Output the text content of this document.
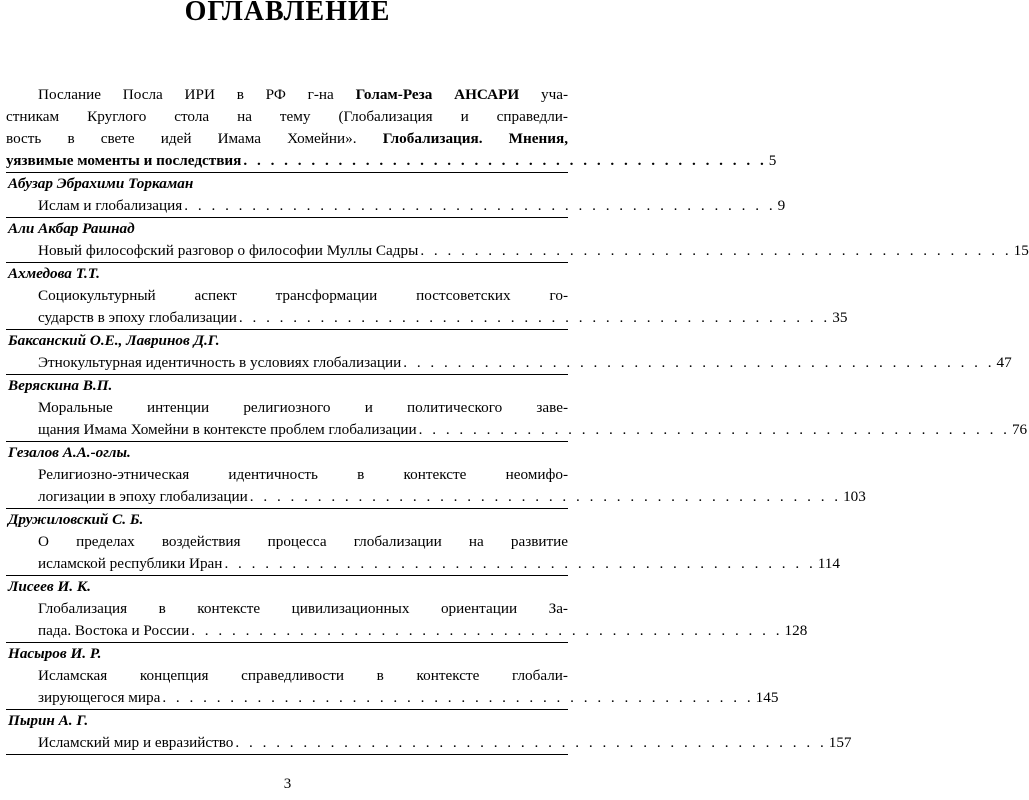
ОГЛАВЛЕНИЕ
Послание Посла ИРИ в РФ г-на Голам-Реза АНСАРИ уча-
стникам Круглого стола на тему (Глобализация и справедли-
вость в свете идей Имама Хомейни». Глобализация. Мнения,
уязвимые моменты и последствия . . . . . . . . . . . . . . . . . . . . . . . . . . . . . . . . . . . . . . . 5
Абузар Эбрахими Торкаман
Ислам и глобализация . . . . . . . . . . . . . . . . . . . . . . . . . . . . . . . . . . . . . . . . . . . . 9
Али Акбар Рашнад
Новый философский разговор о философии Муллы Садры . . . . . . . . . . . . . . . . . . . . . . . . . . . . . . . . . . . . . . . . . . . . 15
Ахмедова Т.Т.
Социокультурный аспект трансформации постсоветских го-
сударств в эпоху глобализации . . . . . . . . . . . . . . . . . . . . . . . . . . . . . . . . . . . . . . . . . . . . 35
Баксанский О.Е., Лавринов Д.Г.
Этнокультурная идентичность в условиях глобализации . . . . . . . . . . . . . . . . . . . . . . . . . . . . . . . . . . . . . . . . . . . . 47
Веряскина В.П.
Моральные интенции религиозного и политического заве-
щания Имама Хомейни в контексте проблем глобализации . . . . . . . . . . . . . . . . . . . . . . . . . . . . . . . . . . . . . . . . . . . . 76
Гезалов А.А.-оглы.
Религиозно-этническая идентичность в контексте неомифо-
логизации в эпоху глобализации . . . . . . . . . . . . . . . . . . . . . . . . . . . . . . . . . . . . . . . . . . . . 103
Дружиловский С. Б.
О пределах воздействия процесса глобализации на развитие
исламской республики Иран . . . . . . . . . . . . . . . . . . . . . . . . . . . . . . . . . . . . . . . . . . . . 114
Лисеев И. К.
Глобализация в контексте цивилизационных ориентации За-
пада. Востока и России . . . . . . . . . . . . . . . . . . . . . . . . . . . . . . . . . . . . . . . . . . . . 128
Насыров И. Р.
Исламская концепция справедливости в контексте глобали-
зирующегося мира . . . . . . . . . . . . . . . . . . . . . . . . . . . . . . . . . . . . . . . . . . . . 145
Пырин А. Г.
Исламский мир и евразийство . . . . . . . . . . . . . . . . . . . . . . . . . . . . . . . . . . . . . . . . . . . . 157
3
